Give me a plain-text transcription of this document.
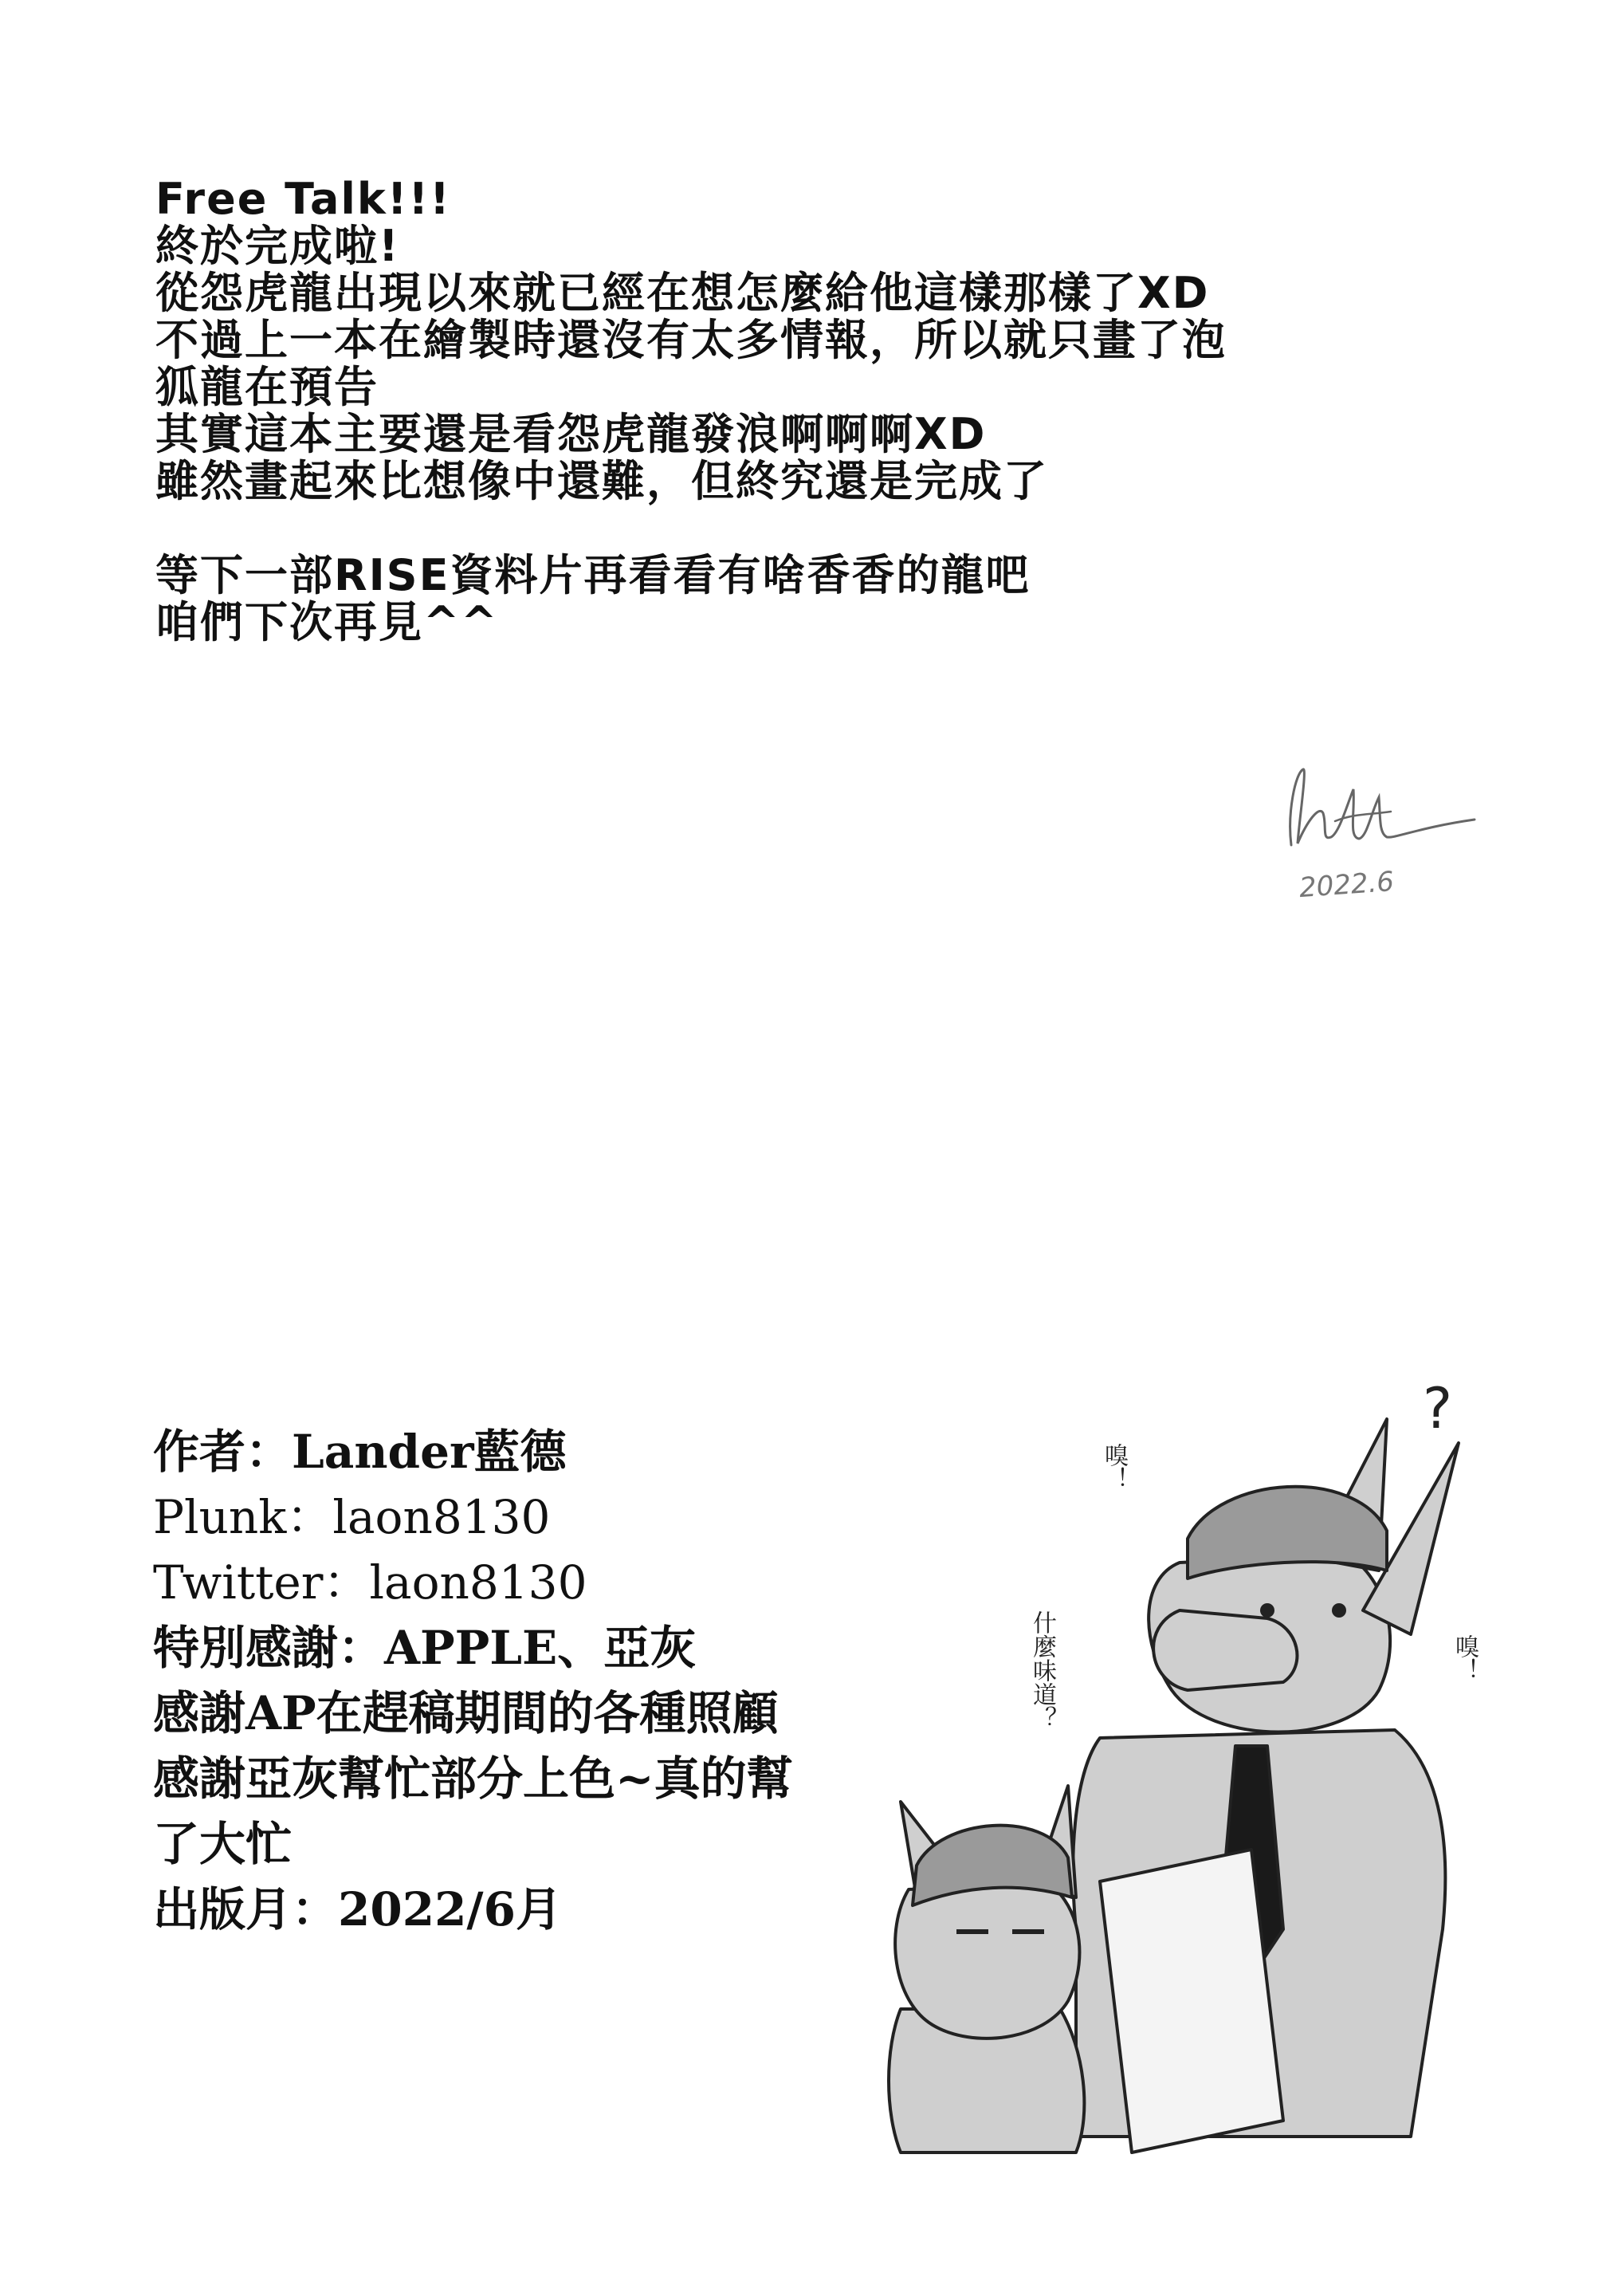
Free Talk!!!

終於完成啦!

從怨虎龍出現以來就已經在想怎麼給他這樣那樣了XD

不過上一本在繪製時還沒有太多情報，所以就只畫了泡

狐龍在預告

其實這本主要還是看怨虎龍發浪啊啊啊XD

雖然畫起來比想像中還難，但終究還是完成了

等下一部RISE資料片再看看有啥香香的龍吧

咱們下次再見^^

2022.6

作者：Lander藍德

Plunk：laon8130

Twitter：laon8130

特別感謝：APPLE、亞灰

感謝AP在趕稿期間的各種照顧

感謝亞灰幫忙部分上色~真的幫

了大忙

出版月：2022/6月

嗅！
嗅！
什麼味道？
?
